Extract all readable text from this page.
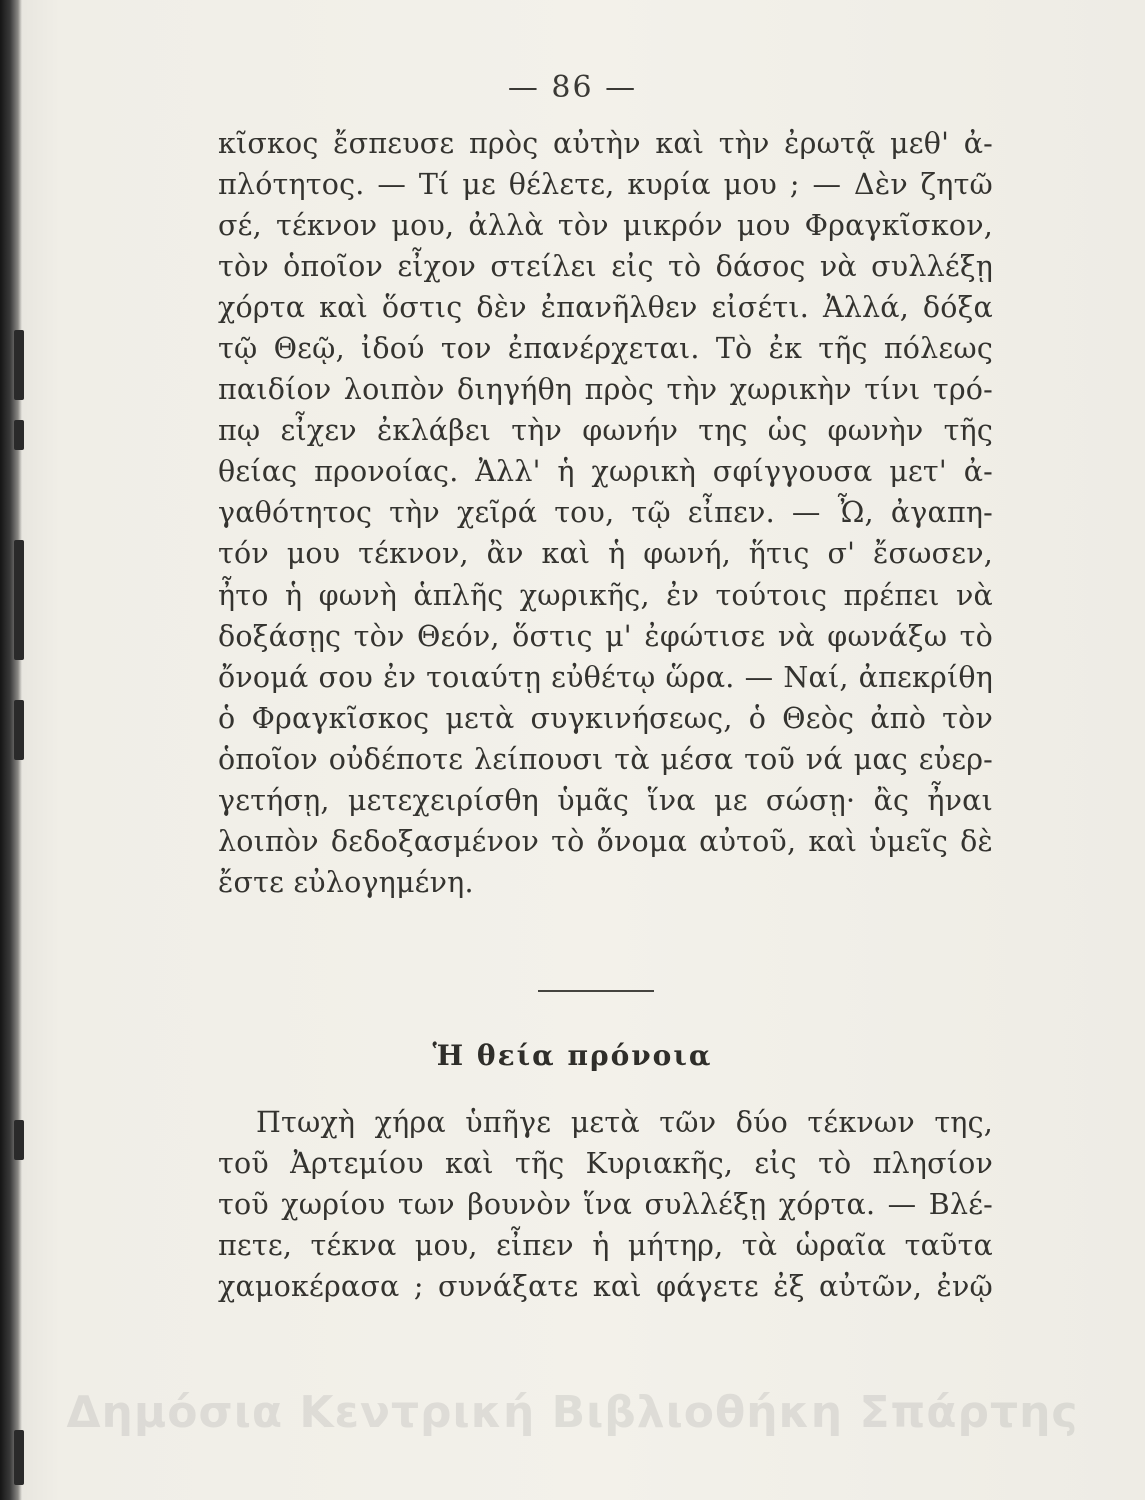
— 86 —
κῖσκος ἔσπευσε πρὸς αὐτὴν καὶ τὴν ἐρωτᾷ μεθ' ἀ-
πλότητος. — Τί με θέλετε, κυρία μου ; — Δὲν ζητῶ
σέ, τέκνον μου, ἀλλὰ τὸν μικρόν μου Φραγκῖσκον,
τὸν ὁποῖον εἶχον στείλει εἰς τὸ δάσος νὰ συλλέξῃ
χόρτα καὶ ὅστις δὲν ἐπανῆλθεν εἰσέτι. Ἀλλά, δόξα
τῷ Θεῷ, ἰδού τον ἐπανέρχεται. Τὸ ἐκ τῆς πόλεως
παιδίον λοιπὸν διηγήθη πρὸς τὴν χωρικὴν τίνι τρό-
πῳ εἶχεν ἐκλάβει τὴν φωνήν της ὡς φωνὴν τῆς
θείας προνοίας. Ἀλλ' ἡ χωρικὴ σφίγγουσα μετ' ἀ-
γαθότητος τὴν χεῖρά του, τῷ εἶπεν. — Ὦ, ἀγαπη-
τόν μου τέκνον, ἂν καὶ ἡ φωνή, ἥτις σ' ἔσωσεν,
ἦτο ἡ φωνὴ ἁπλῆς χωρικῆς, ἐν τούτοις πρέπει νὰ
δοξάσῃς τὸν Θεόν, ὅστις μ' ἐφώτισε νὰ φωνάξω τὸ
ὄνομά σου ἐν τοιαύτῃ εὐθέτῳ ὥρα. — Ναί, ἀπεκρίθη
ὁ Φραγκῖσκος μετὰ συγκινήσεως, ὁ Θεὸς ἀπὸ τὸν
ὁποῖον οὐδέποτε λείπουσι τὰ μέσα τοῦ νά μας εὐερ-
γετήσῃ, μετεχειρίσθη ὑμᾶς ἵνα με σώσῃ· ἂς ἦναι
λοιπὸν δεδοξασμένον τὸ ὄνομα αὐτοῦ, καὶ ὑμεῖς δὲ
ἔστε εὐλογημένη.
Ἡ θεία πρόνοια
Πτωχὴ χήρα ὑπῆγε μετὰ τῶν δύο τέκνων της,
τοῦ Ἀρτεμίου καὶ τῆς Κυριακῆς, εἰς τὸ πλησίον
τοῦ χωρίου των βουνὸν ἵνα συλλέξῃ χόρτα. — Βλέ-
πετε, τέκνα μου, εἶπεν ἡ μήτηρ, τὰ ὡραῖα ταῦτα
χαμοκέρασα ; συνάξατε καὶ φάγετε ἐξ αὐτῶν, ἐνῷ
Δημόσια Κεντρική Βιβλιοθήκη Σπάρτης
